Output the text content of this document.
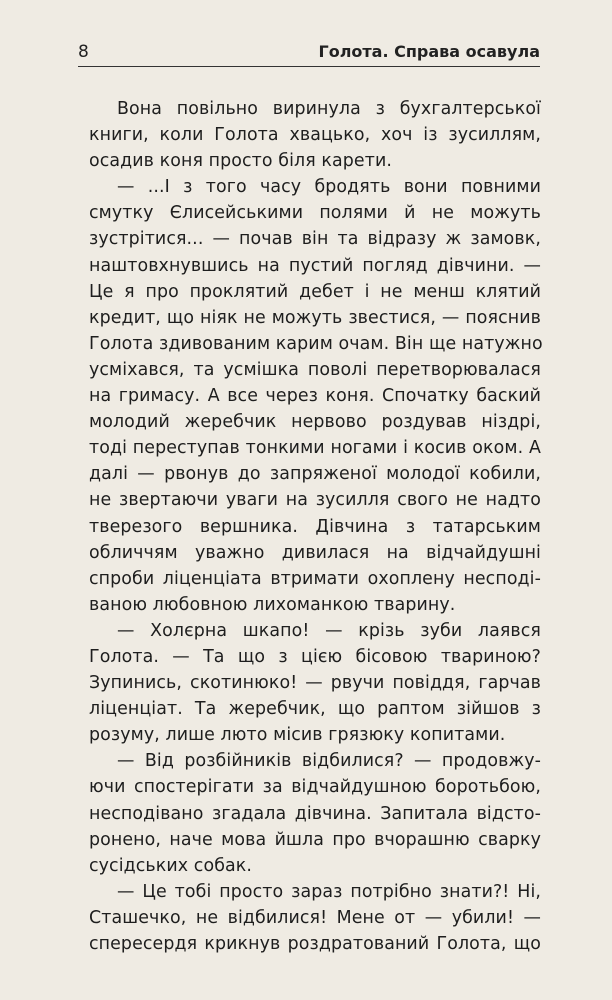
8	Голота. Справа осавула
Вона повільно виринула з бухгалтерської
книги, коли Голота хвацько, хоч із зусиллям,
осадив коня просто біля карети.
— ...І з того часу бродять вони повними
смутку Єлисейськими полями й не можуть
зустрітися... — почав він та відразу ж замовк,
наштовхнувшись на пустий погляд дівчини. —
Це я про проклятий дебет і не менш клятий
кредит, що ніяк не можуть звестися, — пояснив
Голота здивованим карим очам. Він ще натужно
усміхався, та усмішка поволі перетворювалася
на гримасу. А все через коня. Спочатку баский
молодий жеребчик нервово роздував ніздрі,
тоді переступав тонкими ногами і косив оком. А
далі — рвонув до запряженої молодої кобили,
не звертаючи уваги на зусилля свого не надто
тверезого вершника. Дівчина з татарським
обличчям уважно дивилася на відчайдушні
спроби ліценціата втримати охоплену несподі-
ваною любовною лихоманкою тварину.
— Холєрна шкапо! — крізь зуби лаявся
Голота. — Та що з цією бісовою твариною?
Зупинись, скотинюко! — рвучи повіддя, гарчав
ліценціат. Та жеребчик, що раптом зійшов з
розуму, лише люто місив грязюку копитами.
— Від розбійників відбилися? — продовжу-
ючи спостерігати за відчайдушною боротьбою,
несподівано згадала дівчина. Запитала відсто-
ронено, наче мова йшла про вчорашню сварку
сусідських собак.
— Це тобі просто зараз потрібно знати?! Ні,
Сташечко, не відбилися! Мене от — убили! —
спересердя крикнув роздратований Голота, що
